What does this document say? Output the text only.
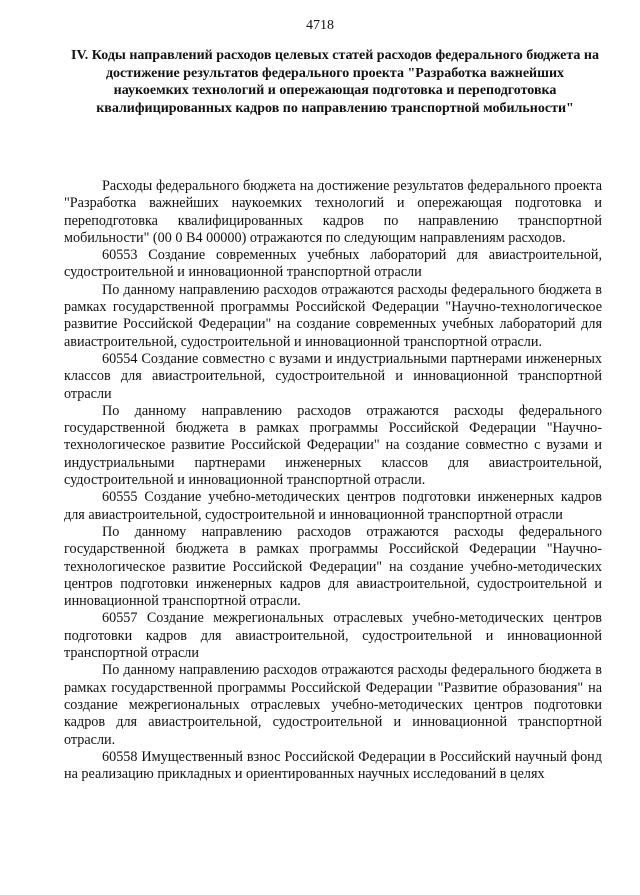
4718
IV. Коды направлений расходов целевых статей расходов федерального бюджета на достижение результатов федерального проекта "Разработка важнейших наукоемких технологий и опережающая подготовка и переподготовка квалифицированных кадров по направлению транспортной мобильности"

Расходы федерального бюджета на достижение результатов федерального проекта "Разработка важнейших наукоемких технологий и опережающая подготовка и переподготовка квалифицированных кадров по направлению транспортной мобильности" (00 0 В4 00000) отражаются по следующим направлениям расходов.

60553 Создание современных учебных лабораторий для авиастроительной, судостроительной и инновационной транспортной отрасли

По данному направлению расходов отражаются расходы федерального бюджета в рамках государственной программы Российской Федерации "Научно-технологическое развитие Российской Федерации" на создание современных учебных лабораторий для авиастроительной, судостроительной и инновационной транспортной отрасли.

60554 Создание совместно с вузами и индустриальными партнерами инженерных классов для авиастроительной, судостроительной и инновационной транспортной отрасли

По данному направлению расходов отражаются расходы федерального государственной бюджета в рамках программы Российской Федерации "Научно-технологическое развитие Российской Федерации" на создание совместно с вузами и индустриальными партнерами инженерных классов для авиастроительной, судостроительной и инновационной транспортной отрасли.

60555 Создание учебно-методических центров подготовки инженерных кадров для авиастроительной, судостроительной и инновационной транспортной отрасли

По данному направлению расходов отражаются расходы федерального государственной бюджета в рамках программы Российской Федерации "Научно-технологическое развитие Российской Федерации" на создание учебно-методических центров подготовки инженерных кадров для авиастроительной, судостроительной и инновационной транспортной отрасли.

60557 Создание межрегиональных отраслевых учебно-методических центров подготовки кадров для авиастроительной, судостроительной и инновационной транспортной отрасли

По данному направлению расходов отражаются расходы федерального бюджета в рамках государственной программы Российской Федерации "Развитие образования" на создание межрегиональных отраслевых учебно-методических центров подготовки кадров для авиастроительной, судостроительной и инновационной транспортной отрасли.

60558 Имущественный взнос Российской Федерации в Российский научный фонд на реализацию прикладных и ориентированных научных исследований в целях
